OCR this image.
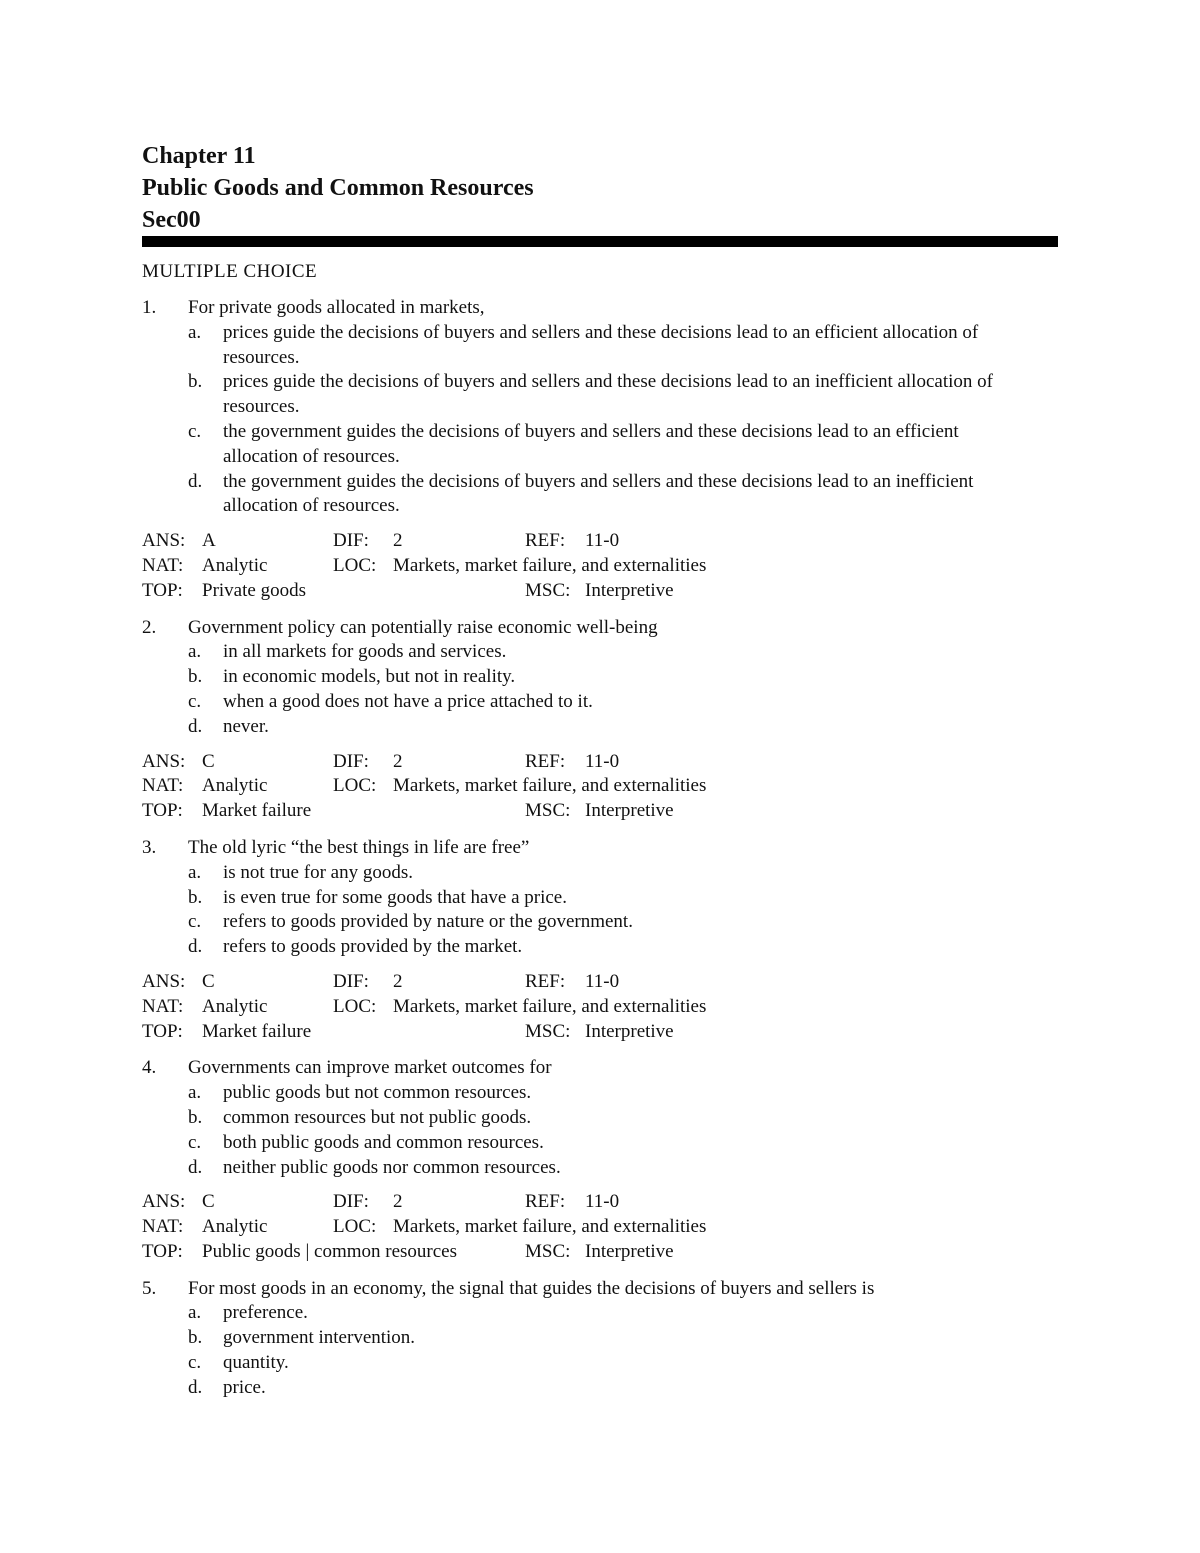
Chapter 11
Public Goods and Common Resources
Sec00
MULTIPLE CHOICE
1.	For private goods allocated in markets,
a.	prices guide the decisions of buyers and sellers and these decisions lead to an efficient allocation of resources.
b.	prices guide the decisions of buyers and sellers and these decisions lead to an inefficient allocation of resources.
c.	the government guides the decisions of buyers and sellers and these decisions lead to an efficient allocation of resources.
d.	the government guides the decisions of buyers and sellers and these decisions lead to an inefficient allocation of resources.
ANS: A	DIF: 2	REF: 11-0
NAT: Analytic	LOC: Markets, market failure, and externalities
TOP: Private goods	MSC: Interpretive
2.	Government policy can potentially raise economic well-being
a.	in all markets for goods and services.
b.	in economic models, but not in reality.
c.	when a good does not have a price attached to it.
d.	never.
ANS: C	DIF: 2	REF: 11-0
NAT: Analytic	LOC: Markets, market failure, and externalities
TOP: Market failure	MSC: Interpretive
3.	The old lyric “the best things in life are free”
a.	is not true for any goods.
b.	is even true for some goods that have a price.
c.	refers to goods provided by nature or the government.
d.	refers to goods provided by the market.
ANS: C	DIF: 2	REF: 11-0
NAT: Analytic	LOC: Markets, market failure, and externalities
TOP: Market failure	MSC: Interpretive
4.	Governments can improve market outcomes for
a.	public goods but not common resources.
b.	common resources but not public goods.
c.	both public goods and common resources.
d.	neither public goods nor common resources.
ANS: C	DIF: 2	REF: 11-0
NAT: Analytic	LOC: Markets, market failure, and externalities
TOP: Public goods | common resources	MSC: Interpretive
5.	For most goods in an economy, the signal that guides the decisions of buyers and sellers is
a.	preference.
b.	government intervention.
c.	quantity.
d.	price.
